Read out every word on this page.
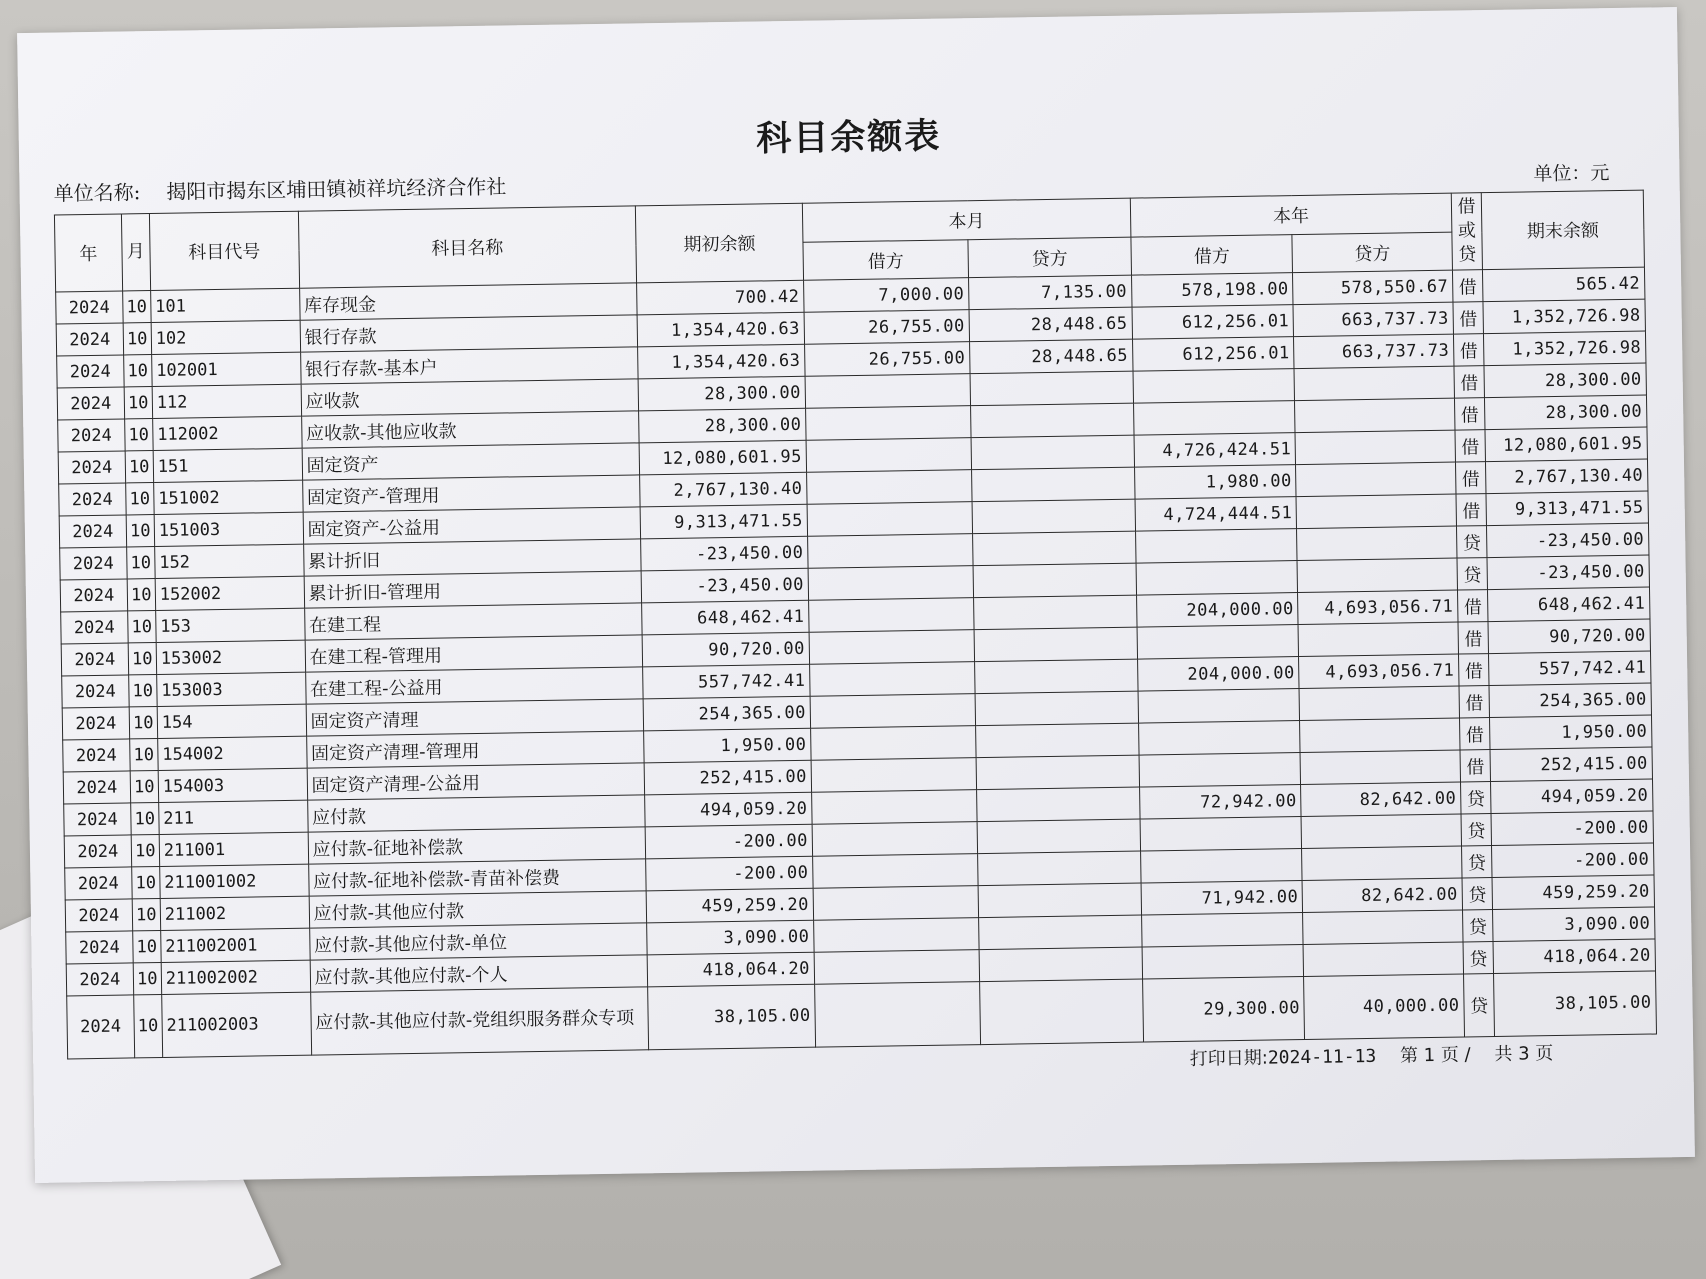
科目余额表
单位名称: 揭阳市揭东区埔田镇祯祥坑经济合作社
单位：元
年	月	科目代号	科目名称	期初余额	本月		本年		借或贷	期末余额
					借方	贷方	借方	贷方		
2024	10	101	库存现金	700.42	7,000.00	7,135.00	578,198.00	578,550.67	借	565.42
2024	10	102	银行存款	1,354,420.63	26,755.00	28,448.65	612,256.01	663,737.73	借	1,352,726.98
2024	10	102001	银行存款-基本户	1,354,420.63	26,755.00	28,448.65	612,256.01	663,737.73	借	1,352,726.98
2024	10	112	应收款	28,300.00					借	28,300.00
2024	10	112002	应收款-其他应收款	28,300.00					借	28,300.00
2024	10	151	固定资产	12,080,601.95			4,726,424.51		借	12,080,601.95
2024	10	151002	固定资产-管理用	2,767,130.40			1,980.00		借	2,767,130.40
2024	10	151003	固定资产-公益用	9,313,471.55			4,724,444.51		借	9,313,471.55
2024	10	152	累计折旧	-23,450.00					贷	-23,450.00
2024	10	152002	累计折旧-管理用	-23,450.00					贷	-23,450.00
2024	10	153	在建工程	648,462.41			204,000.00	4,693,056.71	借	648,462.41
2024	10	153002	在建工程-管理用	90,720.00					借	90,720.00
2024	10	153003	在建工程-公益用	557,742.41			204,000.00	4,693,056.71	借	557,742.41
2024	10	154	固定资产清理	254,365.00					借	254,365.00
2024	10	154002	固定资产清理-管理用	1,950.00					借	1,950.00
2024	10	154003	固定资产清理-公益用	252,415.00					借	252,415.00
2024	10	211	应付款	494,059.20			72,942.00	82,642.00	贷	494,059.20
2024	10	211001	应付款-征地补偿款	-200.00					贷	-200.00
2024	10	211001002	应付款-征地补偿款-青苗补偿费	-200.00					贷	-200.00
2024	10	211002	应付款-其他应付款	459,259.20			71,942.00	82,642.00	贷	459,259.20
2024	10	211002001	应付款-其他应付款-单位	3,090.00					贷	3,090.00
2024	10	211002002	应付款-其他应付款-个人	418,064.20					贷	418,064.20
2024	10	211002003	应付款-其他应付款-党组织服务群众专项	38,105.00			29,300.00	40,000.00	贷	38,105.00
打印日期:2024-11-13 第 1 页 / 共 3 页
